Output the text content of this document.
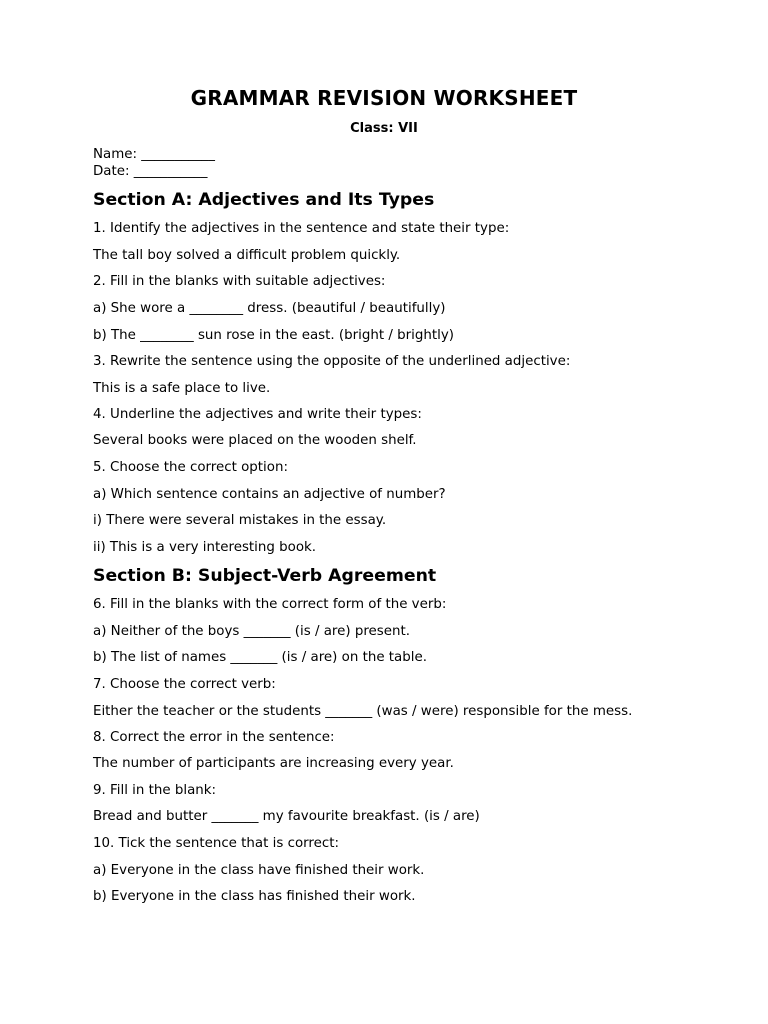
GRAMMAR REVISION WORKSHEET
Class: VII
Name: ___________
Date: ___________
Section A: Adjectives and Its Types
1. Identify the adjectives in the sentence and state their type:
The tall boy solved a difficult problem quickly.
2. Fill in the blanks with suitable adjectives:
a) She wore a ________ dress. (beautiful / beautifully)
b) The ________ sun rose in the east. (bright / brightly)
3. Rewrite the sentence using the opposite of the underlined adjective:
This is a safe place to live.
4. Underline the adjectives and write their types:
Several books were placed on the wooden shelf.
5. Choose the correct option:
a) Which sentence contains an adjective of number?
i) There were several mistakes in the essay.
ii) This is a very interesting book.
Section B: Subject-Verb Agreement
6. Fill in the blanks with the correct form of the verb:
a) Neither of the boys _______ (is / are) present.
b) The list of names _______ (is / are) on the table.
7. Choose the correct verb:
Either the teacher or the students _______ (was / were) responsible for the mess.
8. Correct the error in the sentence:
The number of participants are increasing every year.
9. Fill in the blank:
Bread and butter _______ my favourite breakfast. (is / are)
10. Tick the sentence that is correct:
a) Everyone in the class have finished their work.
b) Everyone in the class has finished their work.
